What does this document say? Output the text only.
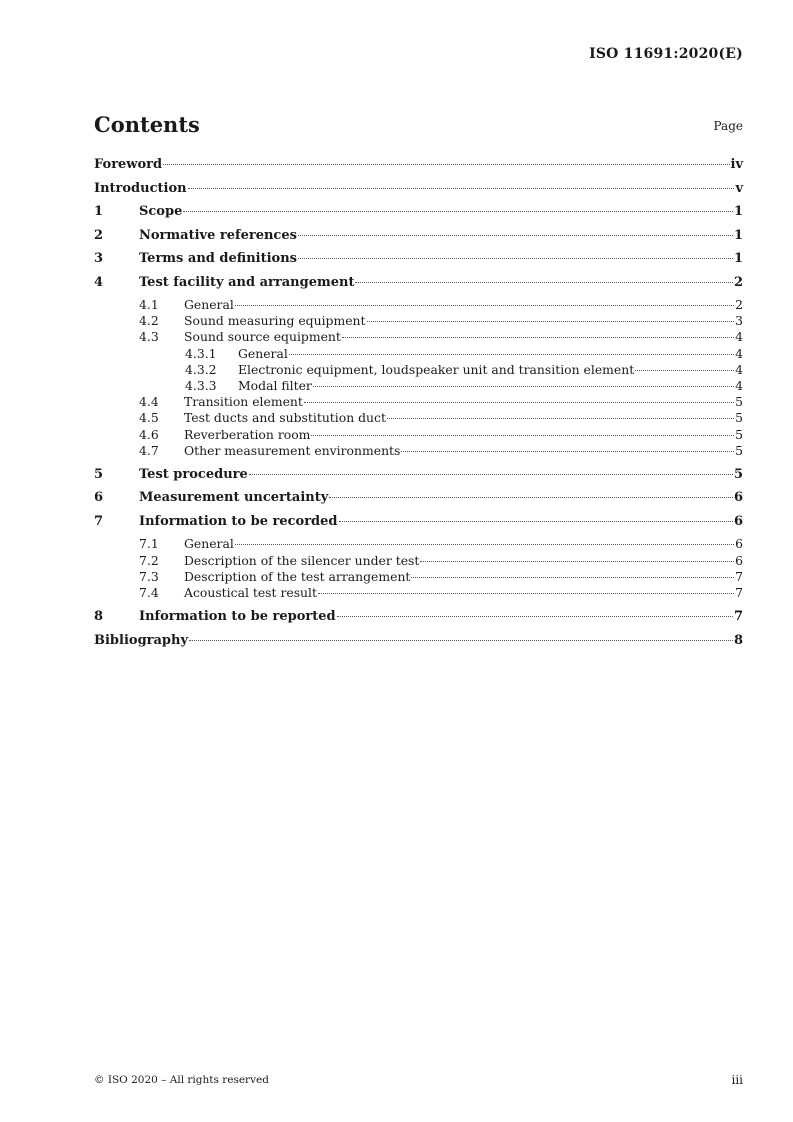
ISO 11691:2020(E)
Contents	Page
Foreword	iv
Introduction	v
1	Scope	1
2	Normative references	1
3	Terms and definitions	1
4	Test facility and arrangement	2
4.1	General	2
4.2	Sound measuring equipment	3
4.3	Sound source equipment	4
4.3.1	General	4
4.3.2	Electronic equipment, loudspeaker unit and transition element	4
4.3.3	Modal filter	4
4.4	Transition element	5
4.5	Test ducts and substitution duct	5
4.6	Reverberation room	5
4.7	Other measurement environments	5
5	Test procedure	5
6	Measurement uncertainty	6
7	Information to be recorded	6
7.1	General	6
7.2	Description of the silencer under test	6
7.3	Description of the test arrangement	7
7.4	Acoustical test result	7
8	Information to be reported	7
Bibliography	8
© ISO 2020 – All rights reserved	iii
